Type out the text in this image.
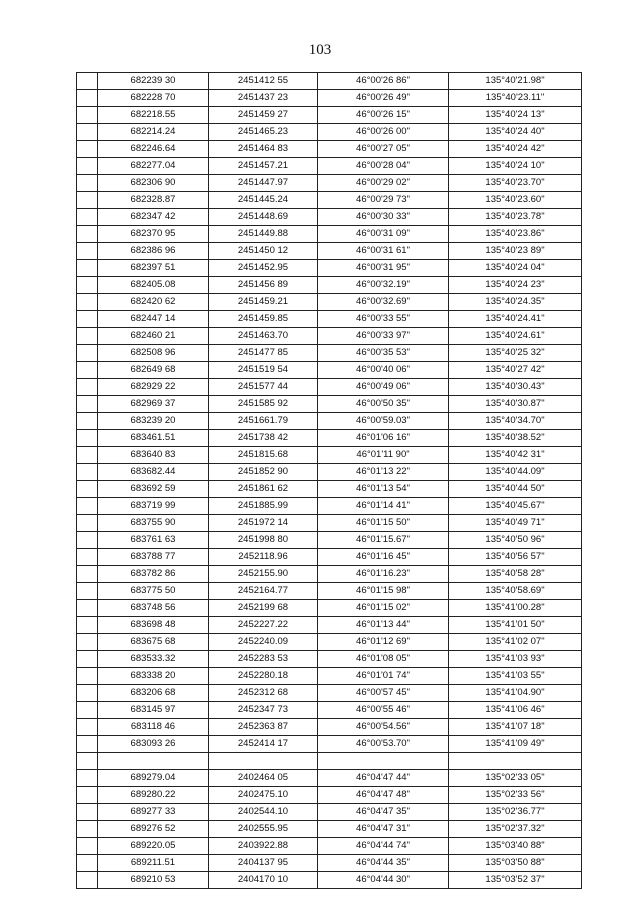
103
	682239 30	2451412 55	46°00'26 86"	135°40'21.98"
	682228 70	2451437 23	46°00'26 49"	135°40'23.11"
	682218.55	2451459 27	46°00'26 15"	135°40'24 13"
	682214.24	2451465.23	46°00'26 00"	135°40'24 40"
	682246.64	2451464 83	46°00'27 05"	135°40'24 42"
	682277.04	2451457.21	46°00'28 04"	135°40'24 10"
	682306 90	2451447.97	46°00'29 02"	135°40'23.70"
	682328.87	2451445.24	46°00'29 73"	135°40'23.60"
	682347 42	2451448.69	46°00'30 33"	135°40'23.78"
	682370 95	2451449.88	46°00'31 09"	135°40'23.86"
	682386 96	2451450 12	46°00'31 61"	135°40'23 89"
	682397 51	2451452.95	46°00'31 95"	135°40'24 04"
	682405.08	2451456 89	46°00'32.19"	135°40'24 23"
	682420 62	2451459.21	46°00'32.69"	135°40'24.35"
	682447 14	2451459.85	46°00'33 55"	135°40'24.41"
	682460 21	2451463.70	46°00'33 97"	135°40'24.61"
	682508 96	2451477 85	46°00'35 53"	135°40'25 32"
	682649 68	2451519 54	46°00'40 06"	135°40'27 42"
	682929 22	2451577 44	46°00'49 06"	135°40'30.43"
	682969 37	2451585 92	46°00'50 35"	135°40'30.87"
	683239 20	2451661.79	46°00'59.03"	135°40'34.70"
	683461.51	2451738 42	46°01'06 16"	135°40'38.52"
	683640 83	2451815.68	46°01'11 90"	135°40'42 31"
	683682.44	2451852 90	46°01'13 22"	135°40'44.09"
	683692 59	2451861 62	46°01'13 54"	135°40'44 50"
	683719 99	2451885.99	46°01'14 41"	135°40'45.67"
	683755 90	2451972 14	46°01'15 50"	135°40'49 71"
	683761 63	2451998 80	46°01'15.67"	135°40'50 96"
	683788 77	2452118.96	46°01'16 45"	135°40'56 57"
	683782 86	2452155.90	46°01'16.23"	135°40'58 28"
	683775 50	2452164.77	46°01'15 98"	135°40'58.69"
	683748 56	2452199 68	46°01'15 02"	135°41'00.28"
	683698 48	2452227.22	46°01'13 44"	135°41'01 50"
	683675 68	2452240.09	46°01'12 69"	135°41'02 07"
	683533.32	2452283 53	46°01'08 05"	135°41'03 93"
	683338 20	2452280.18	46°01'01 74"	135°41'03 55"
	683206 68	2452312 68	46°00'57 45"	135°41'04.90"
	683145 97	2452347 73	46°00'55 46"	135°41'06 46"
	683118 46	2452363 87	46°00'54.56"	135°41'07 18"
	683093 26	2452414 17	46°00'53.70"	135°41'09 49"

	689279.04	2402464 05	46°04'47 44"	135°02'33 05"
	689280.22	2402475.10	46°04'47 48"	135°02'33 56"
	689277 33	2402544.10	46°04'47 35"	135°02'36.77"
	689276 52	2402555.95	46°04'47 31"	135°02'37.32"
	689220.05	2403922.88	46°04'44 74"	135°03'40 88"
	689211.51	2404137 95	46°04'44 35"	135°03'50 88"
	689210 53	2404170 10	46°04'44 30"	135°03'52 37"
